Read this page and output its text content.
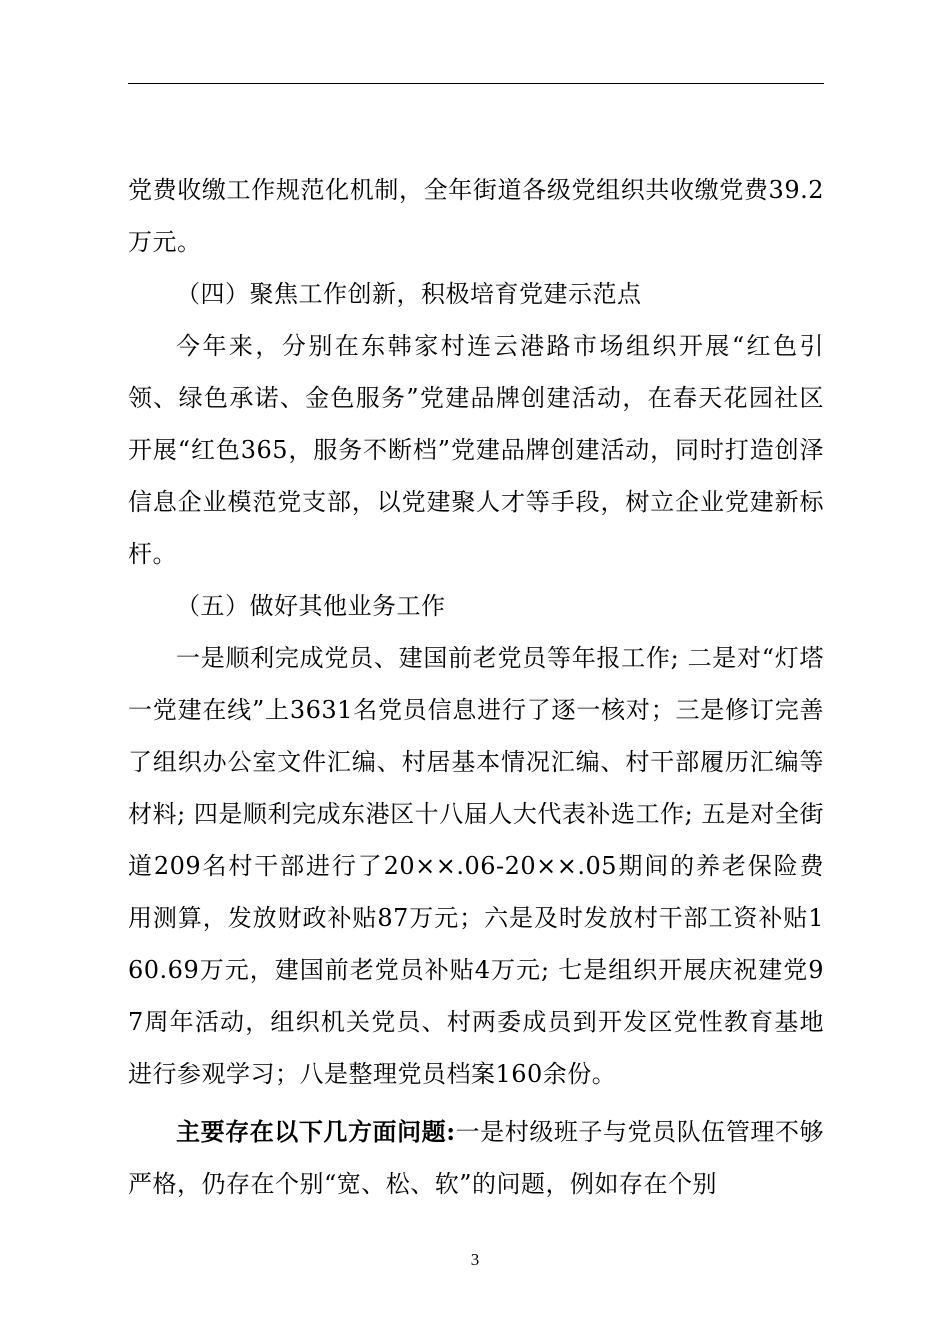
党费收缴工作规范化机制，全年街道各级党组织共收缴党费39.2万元。

（四）聚焦工作创新，积极培育党建示范点

今年来，分别在东韩家村连云港路市场组织开展“红色引领、绿色承诺、金色服务”党建品牌创建活动，在春天花园社区开展“红色365，服务不断档”党建品牌创建活动，同时打造创泽信息企业模范党支部，以党建聚人才等手段，树立企业党建新标杆。

（五）做好其他业务工作

一是顺利完成党员、建国前老党员等年报工作; 二是对“灯塔一党建在线”上3631名党员信息进行了逐一核对；三是修订完善了组织办公室文件汇编、村居基本情况汇编、村干部履历汇编等材料; 四是顺利完成东港区十八届人大代表补选工作; 五是对全街道209名村干部进行了20××.06-20××.05期间的养老保险费用测算，发放财政补贴87万元；六是及时发放村干部工资补贴160.69万元，建国前老党员补贴4万元; 七是组织开展庆祝建党97周年活动，组织机关党员、村两委成员到开发区党性教育基地进行参观学习；八是整理党员档案160余份。

主要存在以下几方面问题:一是村级班子与党员队伍管理不够严格，仍存在个别“宽、松、软”的问题，例如存在个别

3
